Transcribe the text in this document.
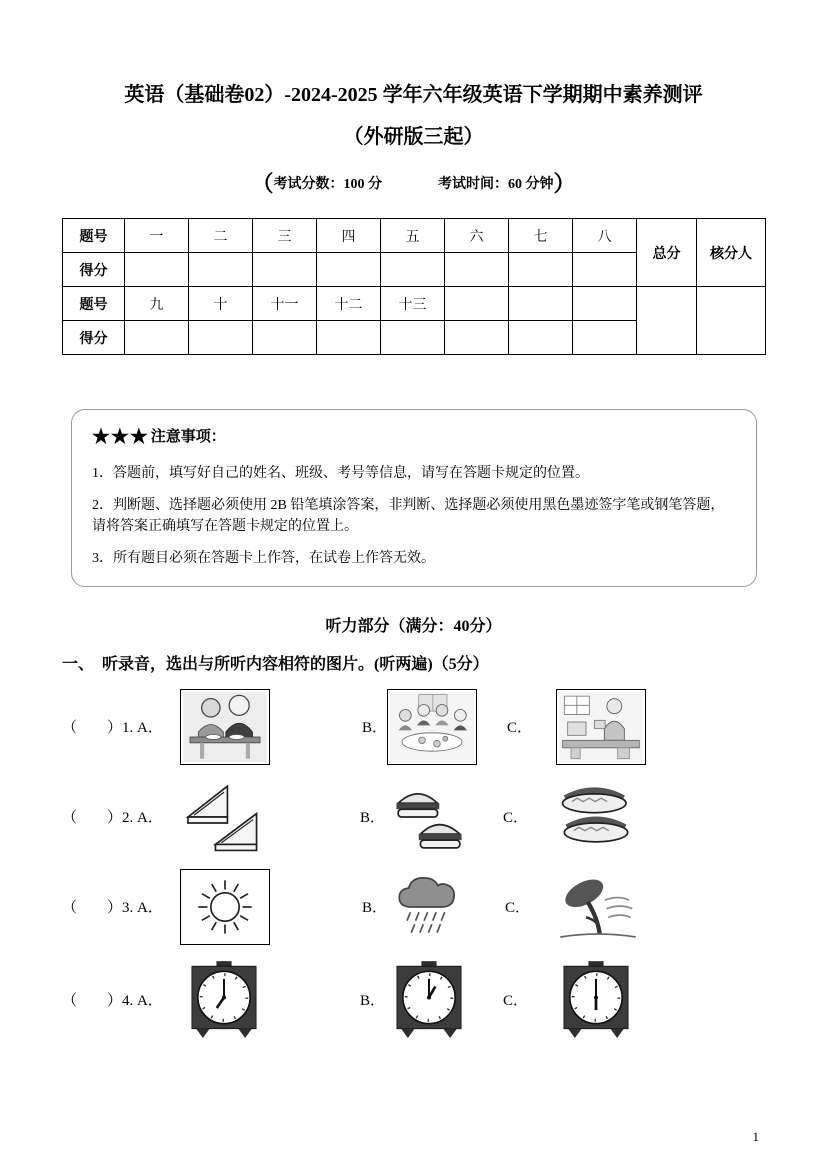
英语（基础卷02）-2024-2025 学年六年级英语下学期期中素养测评
（外研版三起）
（考试分数：100 分　　　　考试时间：60 分钟）
题号	一	二	三	四	五	六	七	八	总分	核分人
得分										
题号	九	十	十一	十二	十三					
得分										
★★★ 注意事项：
1．答题前，填写好自己的姓名、班级、考号等信息，请写在答题卡规定的位置。
2．判断题、选择题必须使用 2B 铅笔填涂答案，非判断、选择题必须使用黑色墨迹签字笔或钢笔答题，请将答案正确填写在答题卡规定的位置上。
3．所有题目必须在答题卡上作答，在试卷上作答无效。
听力部分（满分：40分）
一、　听录音，选出与所听内容相符的图片。(听两遍)（5分）
（　　）1. A．	B．	C．
（　　）2. A．	B．	C．
（　　）3. A．	B．	C．
（　　）4. A．	B．	C．
1
